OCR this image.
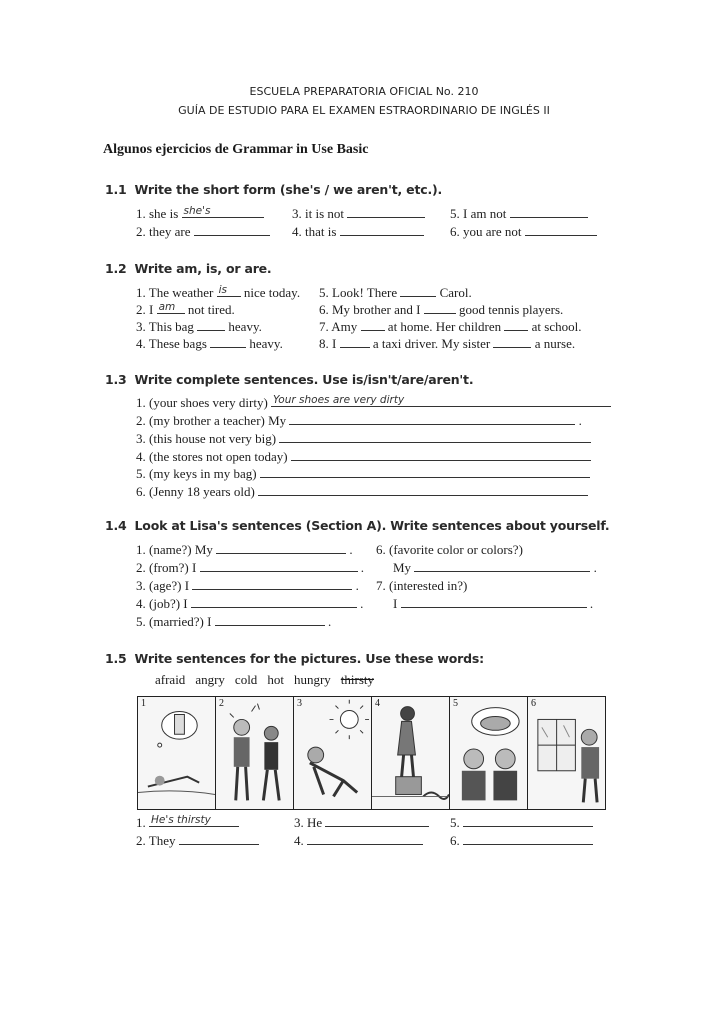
ESCUELA PREPARATORIA OFICIAL No. 210
GUÍA DE ESTUDIO PARA EL EXAMEN ESTRAORDINARIO DE INGLÉS II
Algunos ejercicios de Grammar in Use Basic
1.1 Write the short form (she's / we aren't, etc.).
1. she is she's
2. they are
3. it is not
4. that is
5. I am not
6. you are not
1.2 Write am, is, or are.
1. The weather is nice today.
2. I am not tired.
3. This bag	heavy.
4. These bags	heavy.
5. Look! There	Carol.
6. My brother and I	good tennis players.
7. Amy at home. Her children at school.
8. I	a taxi driver. My sister	a nurse.
1.3 Write complete sentences. Use is/isn't/are/aren't.
1. (your shoes very dirty) Your shoes are very dirty
2. (my brother a teacher) My	.
3. (this house not very big)
4. (the stores not open today)
5. (my keys in my bag)
6. (Jenny 18 years old)
1.4 Look at Lisa's sentences (Section A). Write sentences about yourself.
1. (name?) My	.
2. (from?) I	.
3. (age?) I	.
4. (job?) I	.
5. (married?) I	.
6. (favorite color or colors?)
My	.
7. (interested in?)
I	.
1.5 Write sentences for the pictures. Use these words:
afraid angry cold hot hungry thirsty
1	2	3	4	5	6
1. He's thirsty
2. They
3. He
4.
5.
6.
